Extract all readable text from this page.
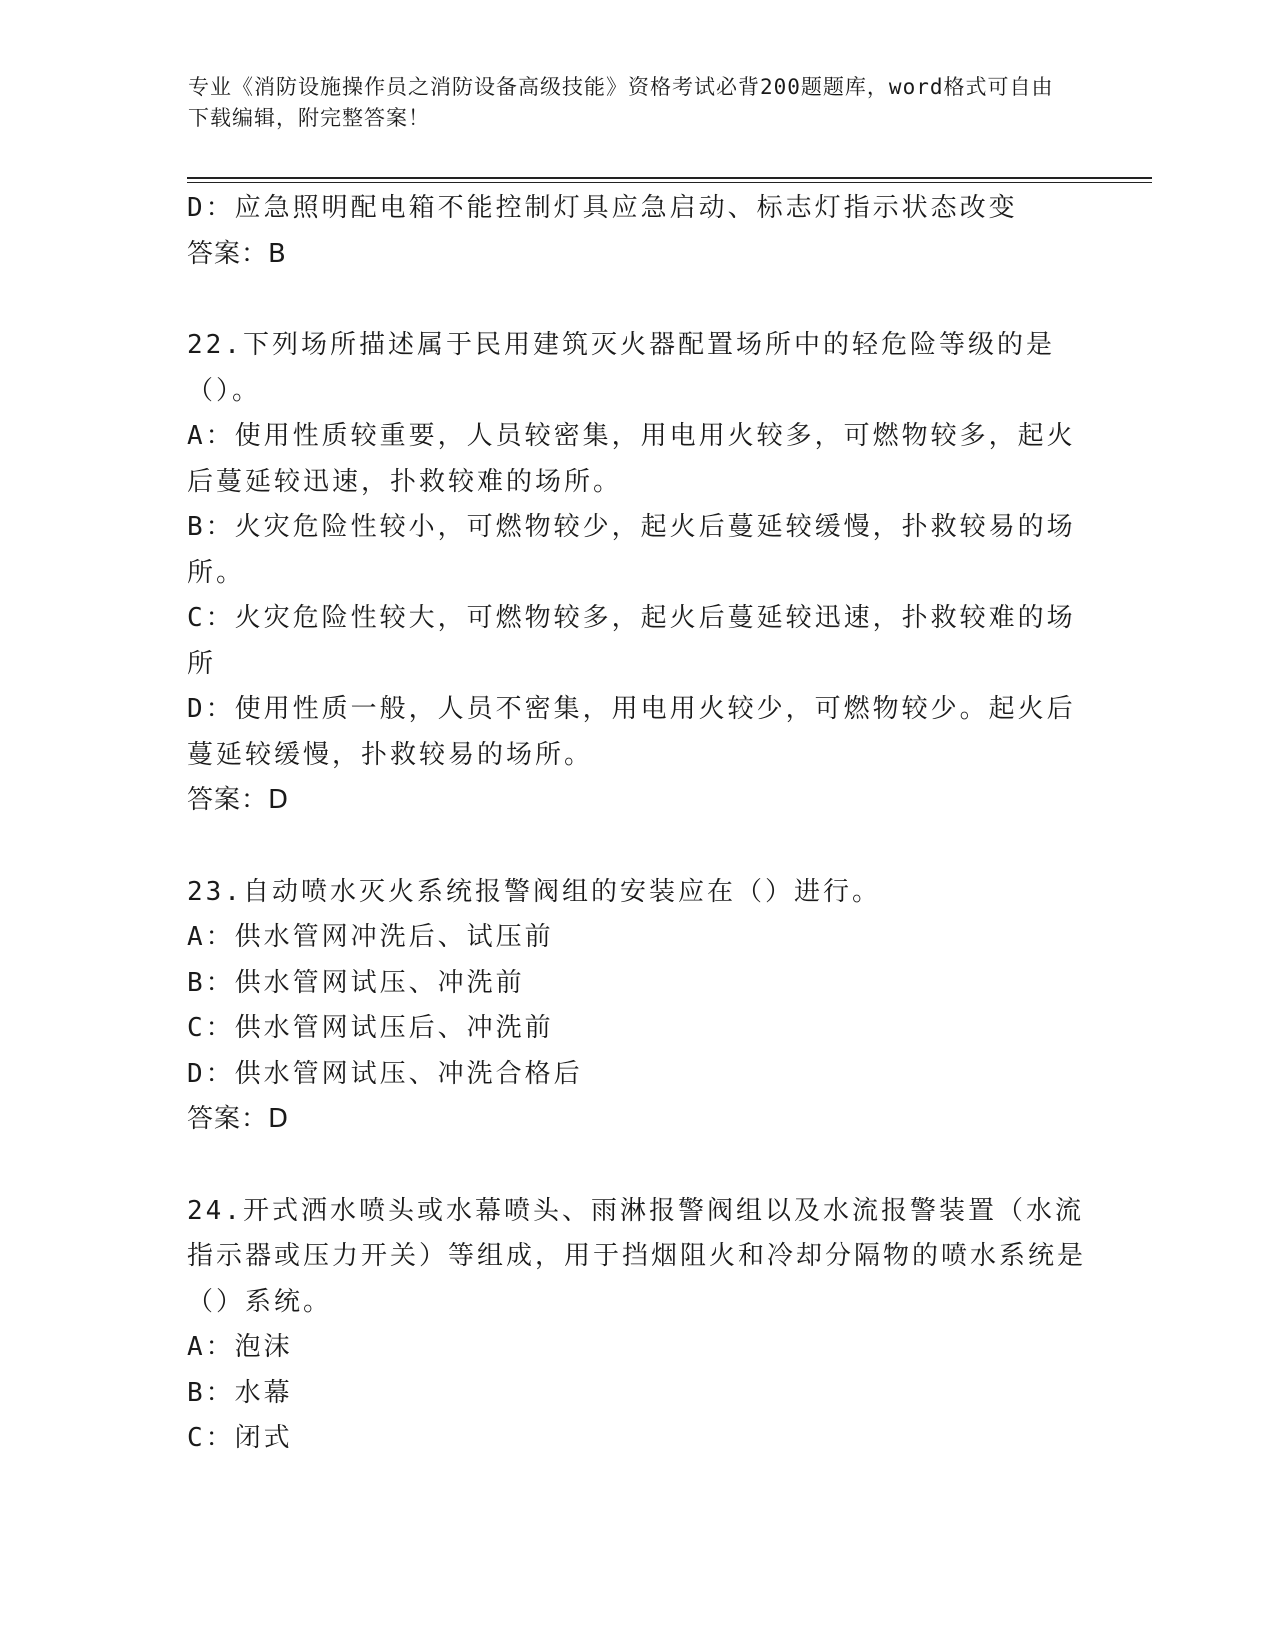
专业《消防设施操作员之消防设备高级技能》资格考试必背200题题库，word格式可自由下载编辑，附完整答案！

D：应急照明配电箱不能控制灯具应急启动、标志灯指示状态改变

答案：B

22.下列场所描述属于民用建筑灭火器配置场所中的轻危险等级的是（）。

A：使用性质较重要，人员较密集，用电用火较多，可燃物较多，起火后蔓延较迅速，扑救较难的场所。

B：火灾危险性较小，可燃物较少，起火后蔓延较缓慢，扑救较易的场所。

C：火灾危险性较大，可燃物较多，起火后蔓延较迅速，扑救较难的场所

D：使用性质一般，人员不密集，用电用火较少，可燃物较少。起火后蔓延较缓慢，扑救较易的场所。

答案：D

23.自动喷水灭火系统报警阀组的安装应在（）进行。

A：供水管网冲洗后、试压前

B：供水管网试压、冲洗前

C：供水管网试压后、冲洗前

D：供水管网试压、冲洗合格后

答案：D

24.开式洒水喷头或水幕喷头、雨淋报警阀组以及水流报警装置（水流指示器或压力开关）等组成，用于挡烟阻火和冷却分隔物的喷水系统是（）系统。

A：泡沫

B：水幕

C：闭式
